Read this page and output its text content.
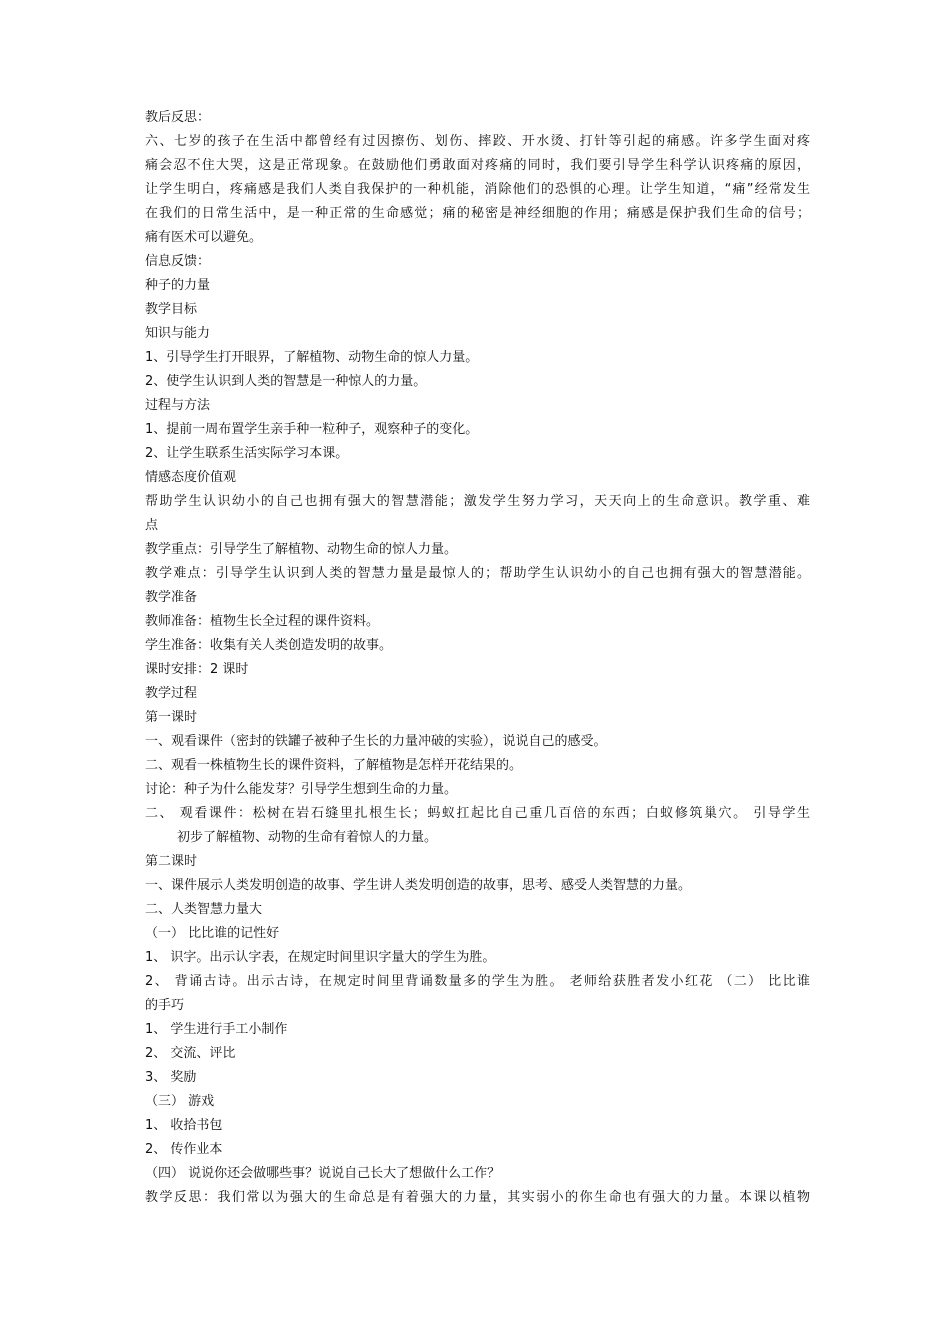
教后反思：
六、七岁的孩子在生活中都曾经有过因擦伤、划伤、摔跤、开水烫、打针等引起的痛感。许多学生面对疼
痛会忍不住大哭，这是正常现象。在鼓励他们勇敢面对疼痛的同时，我们要引导学生科学认识疼痛的原因，
让学生明白，疼痛感是我们人类自我保护的一种机能，消除他们的恐惧的心理。让学生知道，“痛”经常发生
在我们的日常生活中，是一种正常的生命感觉；痛的秘密是神经细胞的作用；痛感是保护我们生命的信号；
痛有医术可以避免。
信息反馈：
种子的力量
教学目标
知识与能力
1、引导学生打开眼界，了解植物、动物生命的惊人力量。
2、使学生认识到人类的智慧是一种惊人的力量。
过程与方法
1、提前一周布置学生亲手种一粒种子，观察种子的变化。
2、让学生联系生活实际学习本课。
情感态度价值观
帮助学生认识幼小的自己也拥有强大的智慧潜能；激发学生努力学习，天天向上的生命意识。教学重、难
点
教学重点：引导学生了解植物、动物生命的惊人力量。
教学难点：引导学生认识到人类的智慧力量是最惊人的；帮助学生认识幼小的自己也拥有强大的智慧潜能。
教学准备
教师准备：植物生长全过程的课件资料。
学生准备：收集有关人类创造发明的故事。
课时安排：2 课时
教学过程
第一课时
一、观看课件（密封的铁罐子被种子生长的力量冲破的实验），说说自己的感受。
二、观看一株植物生长的课件资料，了解植物是怎样开花结果的。
讨论：种子为什么能发芽？引导学生想到生命的力量。
二、 观看课件：松树在岩石缝里扎根生长；蚂蚁扛起比自己重几百倍的东西；白蚁修筑巢穴。 引导学生
初步了解植物、动物的生命有着惊人的力量。
第二课时
一、课件展示人类发明创造的故事、学生讲人类发明创造的故事，思考、感受人类智慧的力量。
二、人类智慧力量大
（一） 比比谁的记性好
1、 识字。出示认字表，在规定时间里识字量大的学生为胜。
2、 背诵古诗。出示古诗，在规定时间里背诵数量多的学生为胜。 老师给获胜者发小红花 （二） 比比谁
的手巧
1、 学生进行手工小制作
2、 交流、评比
3、 奖励
（三） 游戏
1、 收拾书包
2、 传作业本
（四） 说说你还会做哪些事？说说自己长大了想做什么工作？
教学反思：我们常以为强大的生命总是有着强大的力量，其实弱小的你生命也有强大的力量。本课以植物
